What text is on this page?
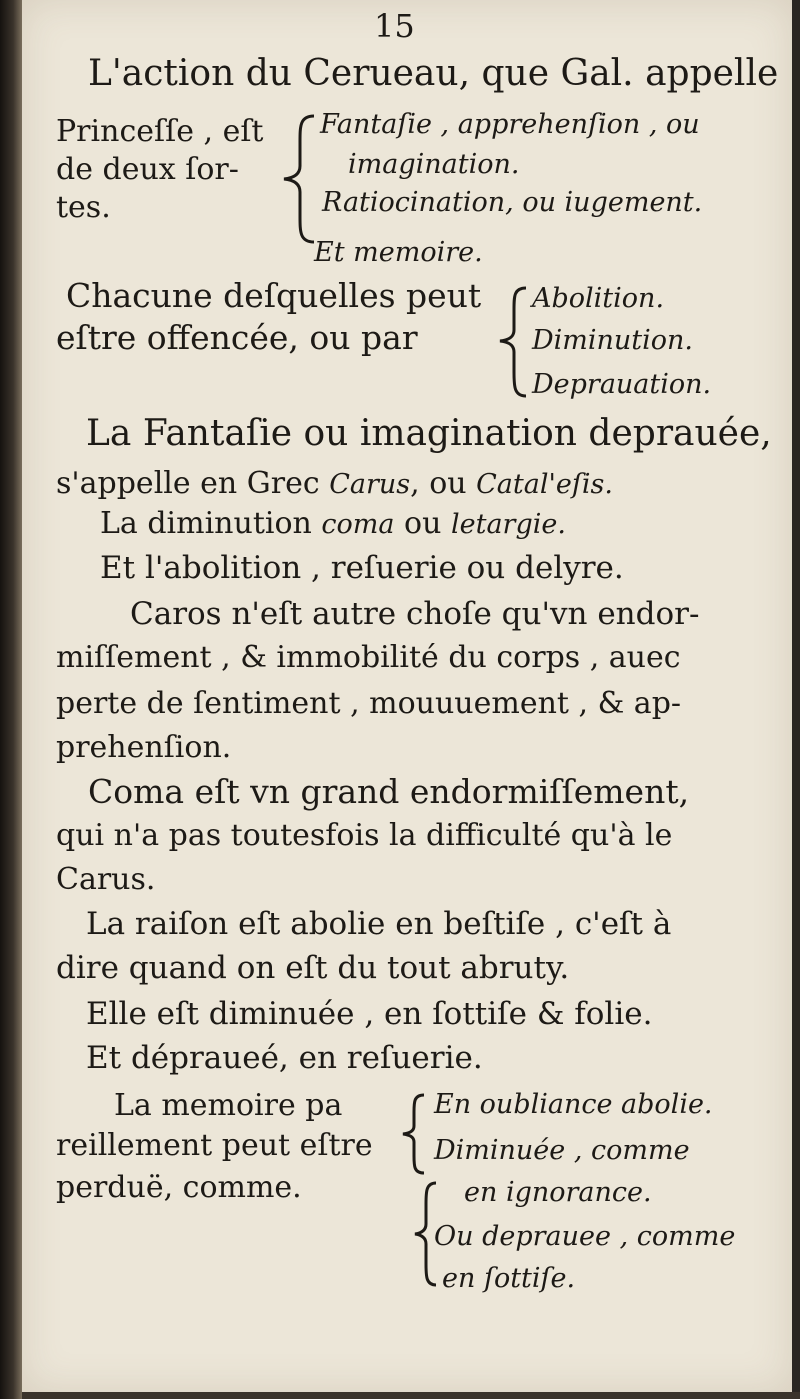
15
L'action du Cerueau, que Gal. appelle
Princeſſe , eſt
de deux ſor-
tes.
Fantaſie , apprehenſion , ou
imagination.
Ratiocination, ou iugement.
Et memoire.
Chacune deſquelles peut
eſtre offencée, ou par
Abolition.
Diminution.
Deprauation.
La Fantaſie ou imagination deprauée,
s'appelle en Grec Carus, ou Catal'eſis.
La diminution coma ou letargie.
Et l'abolition , reſuerie ou delyre.
Caros n'eſt autre choſe qu'vn endor-
miſſement , & immobilité du corps , auec
perte de ſentiment , mouuuement , & ap-
prehenſion.
Coma eſt vn grand endormiſſement,
qui n'a pas toutesfois la difficulté qu'à le
Carus.
La raiſon eſt abolie en beſtiſe , c'eſt à
dire quand on eſt du tout abruty.
Elle eſt diminuée , en ſottiſe & folie.
Et dépraueé, en reſuerie.
La memoire pa
reillement peut eſtre
perduë, comme.
En oubliance abolie.
Diminuée , comme
en ignorance.
Ou deprauee , comme
en ſottiſe.
